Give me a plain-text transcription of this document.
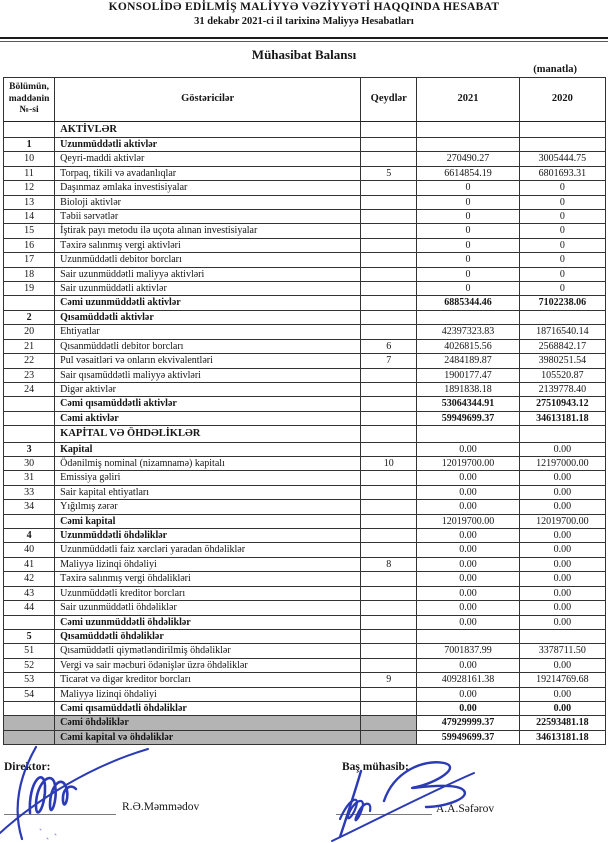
KONSOLİDƏ EDİLMİŞ MALİYYƏ VƏZİYYƏTİ HAQQINDA HESABAT
31 dekabr 2021-ci il tarixinə Maliyyə Hesabatları
Mühasibat Balansı
(manatla)
Bölümün, maddənin №-si	Göstəricilər	Qeydlər	2021	2020
	AKTİVLƏR			
1	Uzunmüddətli aktivlər			
10	Qeyri-maddi aktivlər		270490.27	3005444.75
11	Torpaq, tikili və avadanlıqlar	5	6614854.19	6801693.31
12	Daşınmaz əmlaka investisiyalar		0	0
13	Bioloji aktivlər		0	0
14	Təbii sərvətlər		0	0
15	İştirak payı metodu ilə uçota alınan investisiyalar		0	0
16	Təxirə salınmış vergi aktivləri		0	0
17	Uzunmüddətli debitor borcları		0	0
18	Sair uzunmüddətli maliyyə aktivləri		0	0
19	Sair uzunmüddətli aktivlər		0	0
	Cəmi uzunmüddətli aktivlər		6885344.46	7102238.06
2	Qısamüddətli aktivlər			
20	Ehtiyatlar		42397323.83	18716540.14
21	Qısanmüddətli debitor borcları	6	4026815.56	2568842.17
22	Pul vəsaitləri və onların ekvivalentləri	7	2484189.87	3980251.54
23	Sair qısamüddətli maliyyə aktivləri		1900177.47	105520.87
24	Digər aktivlər		1891838.18	2139778.40
	Cəmi qısamüddətli aktivlər		53064344.91	27510943.12
	Cəmi aktivlər		59949699.37	34613181.18
	KAPİTAL VƏ ÖHDƏLİKLƏR			
3	Kapital		0.00	0.00
30	Ödənilmiş nominal (nizamnamə) kapitalı	10	12019700.00	12197000.00
31	Emissiya gəliri		0.00	0.00
33	Sair kapital ehtiyatları		0.00	0.00
34	Yığılmış zərər		0.00	0.00
	Cəmi kapital		12019700.00	12019700.00
4	Uzunmüddətli öhdəliklər		0.00	0.00
40	Uzunmüddətli faiz xərcləri yaradan öhdəliklər		0.00	0.00
41	Maliyyə lizinqi öhdəliyi	8	0.00	0.00
42	Təxirə salınmış vergi öhdəlikləri		0.00	0.00
43	Uzunmüddətli kreditor borcları		0.00	0.00
44	Sair uzunmüddətli öhdəliklər		0.00	0.00
	Cəmi uzunmüddətli öhdəliklər		0.00	0.00
5	Qısamüddətli öhdəliklər			
51	Qısamüddətli qiymətləndirilmiş öhdəliklər		7001837.99	3378711.50
52	Vergi və sair məcburi ödənişlər üzrə öhdəliklər		0.00	0.00
53	Ticarət və digər kreditor borcları	9	40928161.38	19214769.68
54	Maliyyə lizinqi öhdəliyi		0.00	0.00
	Cəmi qısamüddətli öhdəliklər		0.00	0.00
	Cəmi öhdəliklər		47929999.37	22593481.18
	Cəmi kapital və öhdəliklər		59949699.37	34613181.18
Direktor:
R.Ə.Məmmədov
Baş mühasib:
A.A.Səfərov
